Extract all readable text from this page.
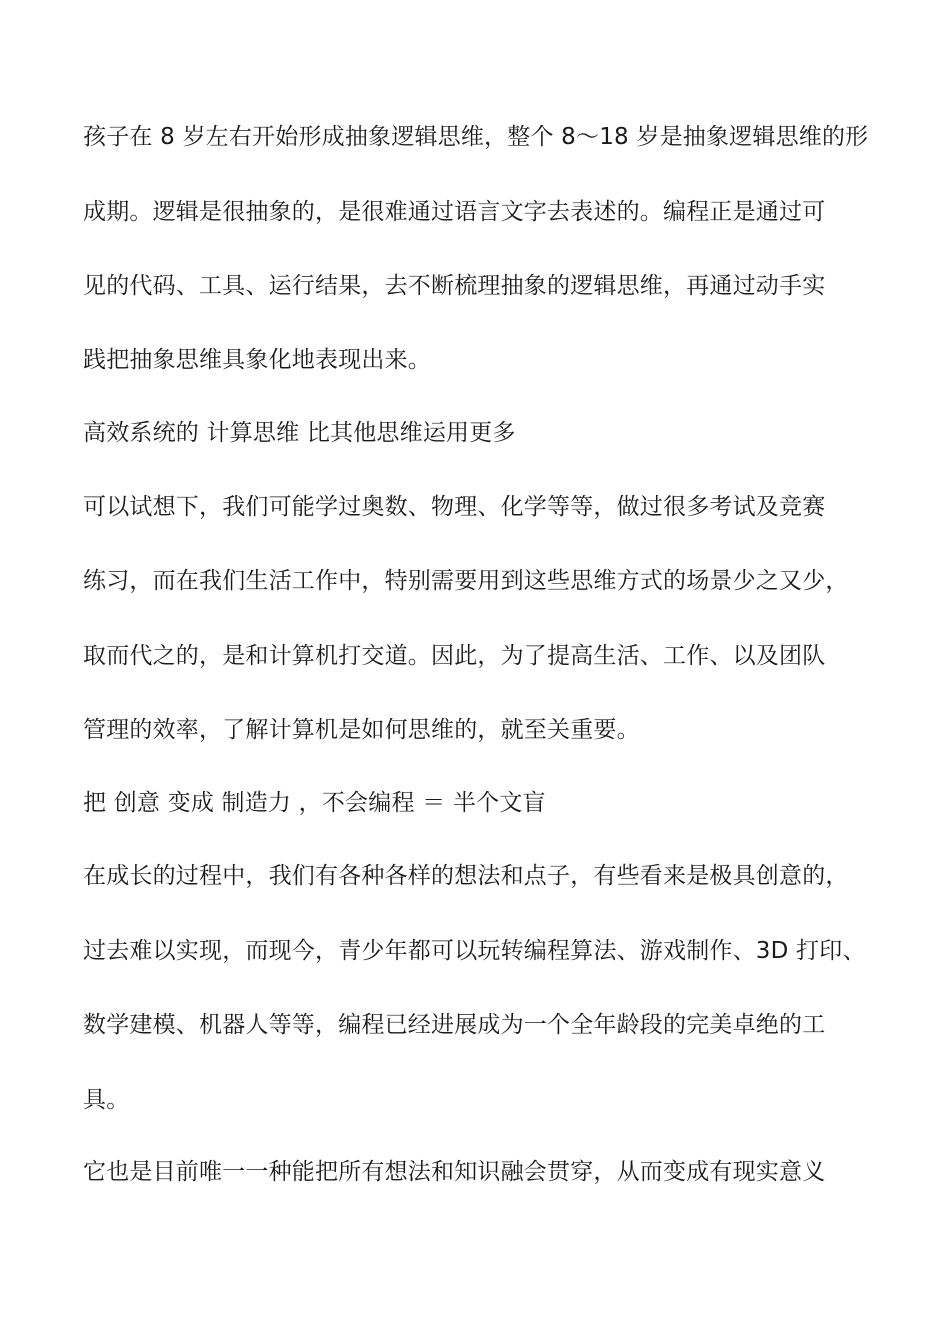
孩子在 8 岁左右开始形成抽象逻辑思维，整个 8～18 岁是抽象逻辑思维的形
成期。逻辑是很抽象的，是很难通过语言文字去表述的。编程正是通过可
见的代码、工具、运行结果，去不断梳理抽象的逻辑思维，再通过动手实
践把抽象思维具象化地表现出来。
高效系统的 计算思维 比其他思维运用更多
可以试想下，我们可能学过奥数、物理、化学等等，做过很多考试及竞赛
练习，而在我们生活工作中，特别需要用到这些思维方式的场景少之又少，
取而代之的，是和计算机打交道。因此，为了提高生活、工作、以及团队
管理的效率，了解计算机是如何思维的，就至关重要。
把 创意 变成 制造力 ，不会编程 ＝ 半个文盲
在成长的过程中，我们有各种各样的想法和点子，有些看来是极具创意的，
过去难以实现，而现今，青少年都可以玩转编程算法、游戏制作、3D 打印、
数学建模、机器人等等，编程已经进展成为一个全年龄段的完美卓绝的工
具。
它也是目前唯一一种能把所有想法和知识融会贯穿，从而变成有现实意义
